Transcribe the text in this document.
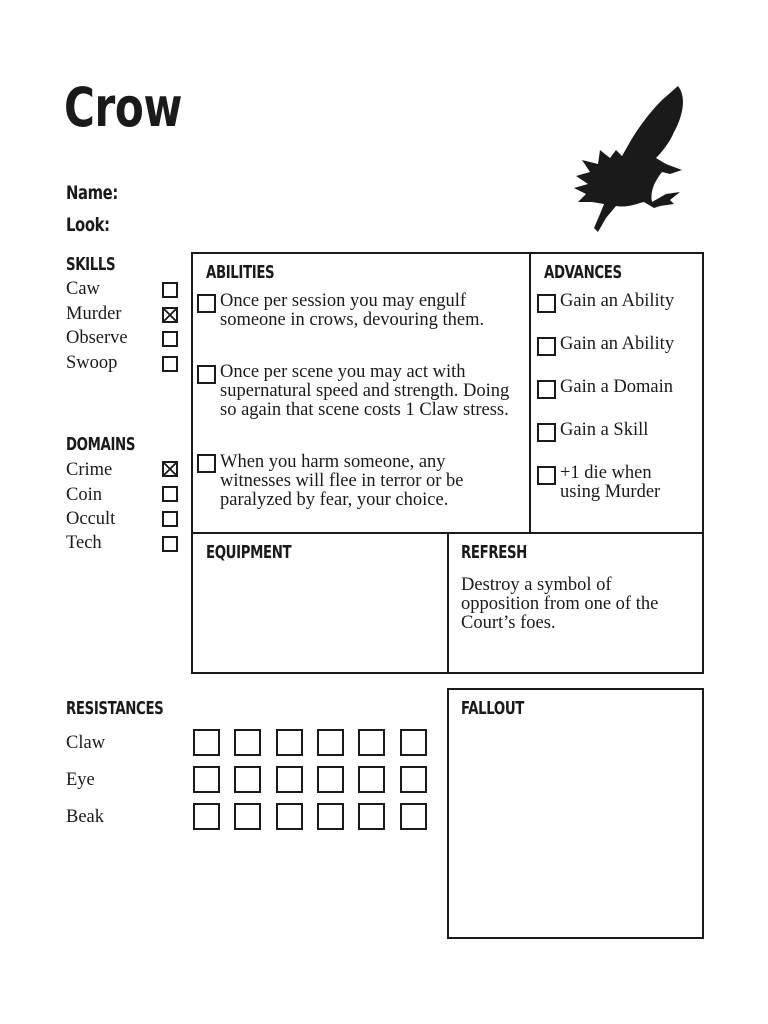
Crow
Name:
Look:
SKILLS
Caw
Murder
Observe
Swoop
DOMAINS
Crime
Coin
Occult
Tech
ABILITIES
Once per session you may engulf someone in crows, devouring them.
Once per scene you may act with supernatural speed and strength. Doing so again that scene costs 1 Claw stress.
When you harm someone, any witnesses will flee in terror or be paralyzed by fear, your choice.
ADVANCES
Gain an Ability
Gain an Ability
Gain a Domain
Gain a Skill
+1 die when using Murder
EQUIPMENT	REFRESH
Destroy a symbol of opposition from one of the Court’s foes.
RESISTANCES
Claw
Eye
Beak
FALLOUT
